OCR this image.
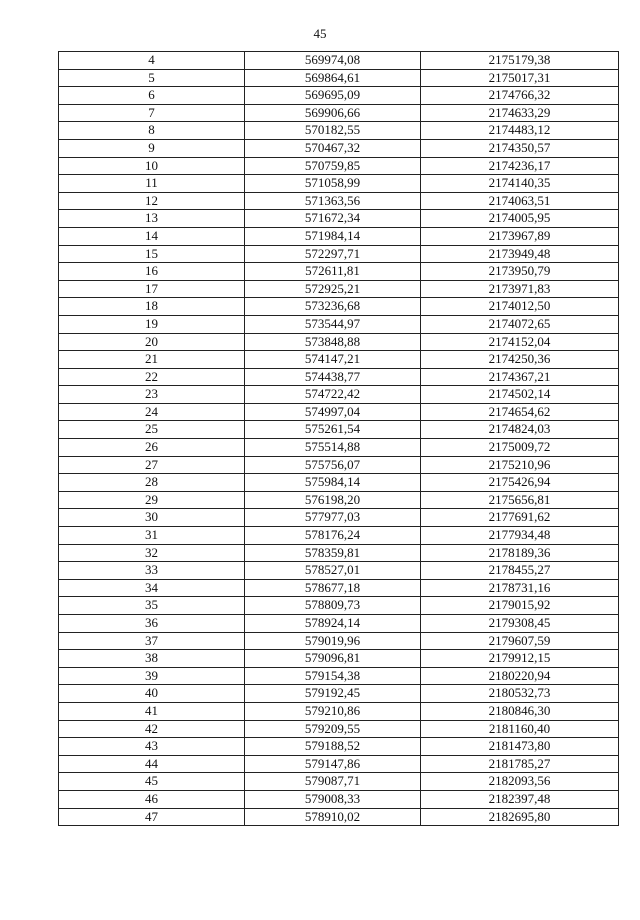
45
4	569974,08	2175179,38
5	569864,61	2175017,31
6	569695,09	2174766,32
7	569906,66	2174633,29
8	570182,55	2174483,12
9	570467,32	2174350,57
10	570759,85	2174236,17
11	571058,99	2174140,35
12	571363,56	2174063,51
13	571672,34	2174005,95
14	571984,14	2173967,89
15	572297,71	2173949,48
16	572611,81	2173950,79
17	572925,21	2173971,83
18	573236,68	2174012,50
19	573544,97	2174072,65
20	573848,88	2174152,04
21	574147,21	2174250,36
22	574438,77	2174367,21
23	574722,42	2174502,14
24	574997,04	2174654,62
25	575261,54	2174824,03
26	575514,88	2175009,72
27	575756,07	2175210,96
28	575984,14	2175426,94
29	576198,20	2175656,81
30	577977,03	2177691,62
31	578176,24	2177934,48
32	578359,81	2178189,36
33	578527,01	2178455,27
34	578677,18	2178731,16
35	578809,73	2179015,92
36	578924,14	2179308,45
37	579019,96	2179607,59
38	579096,81	2179912,15
39	579154,38	2180220,94
40	579192,45	2180532,73
41	579210,86	2180846,30
42	579209,55	2181160,40
43	579188,52	2181473,80
44	579147,86	2181785,27
45	579087,71	2182093,56
46	579008,33	2182397,48
47	578910,02	2182695,80
